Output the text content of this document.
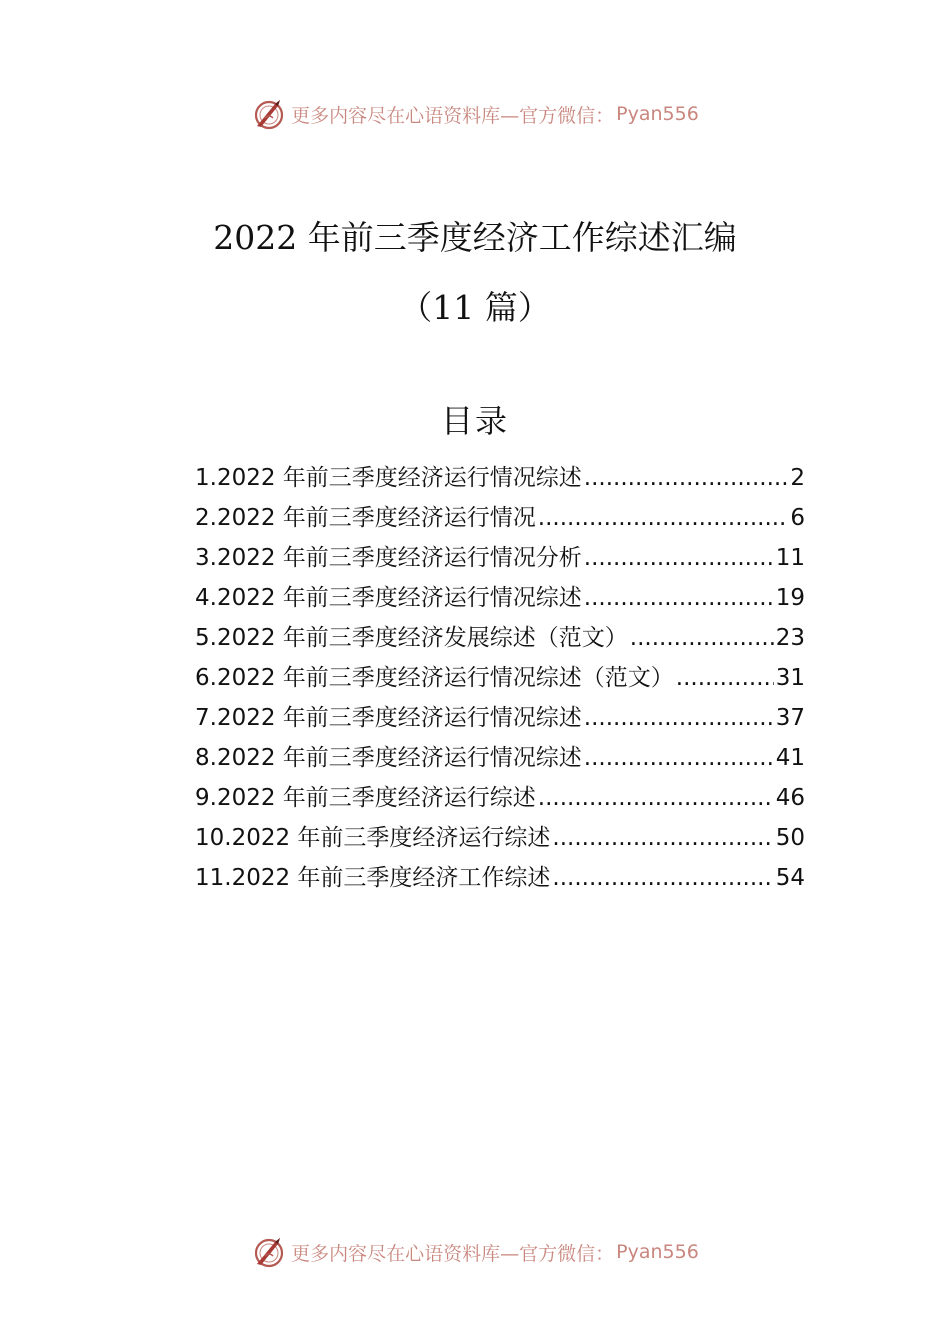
更多内容尽在心语资料库—官方微信： Pyan556
2022 年前三季度经济工作综述汇编
（11 篇）
目录
1.2022 年前三季度经济运行情况综述 .....	2
2.2022 年前三季度经济运行情况 .....	6
3.2022 年前三季度经济运行情况分析 .....	11
4.2022 年前三季度经济运行情况综述 .....	19
5.2022 年前三季度经济发展综述（范文） .....	23
6.2022 年前三季度经济运行情况综述（范文） .....	31
7.2022 年前三季度经济运行情况综述 .....	37
8.2022 年前三季度经济运行情况综述 .....	41
9.2022 年前三季度经济运行综述 .....	46
10.2022 年前三季度经济运行综述 .....	50
11.2022 年前三季度经济工作综述 .....	54
更多内容尽在心语资料库—官方微信： Pyan556
